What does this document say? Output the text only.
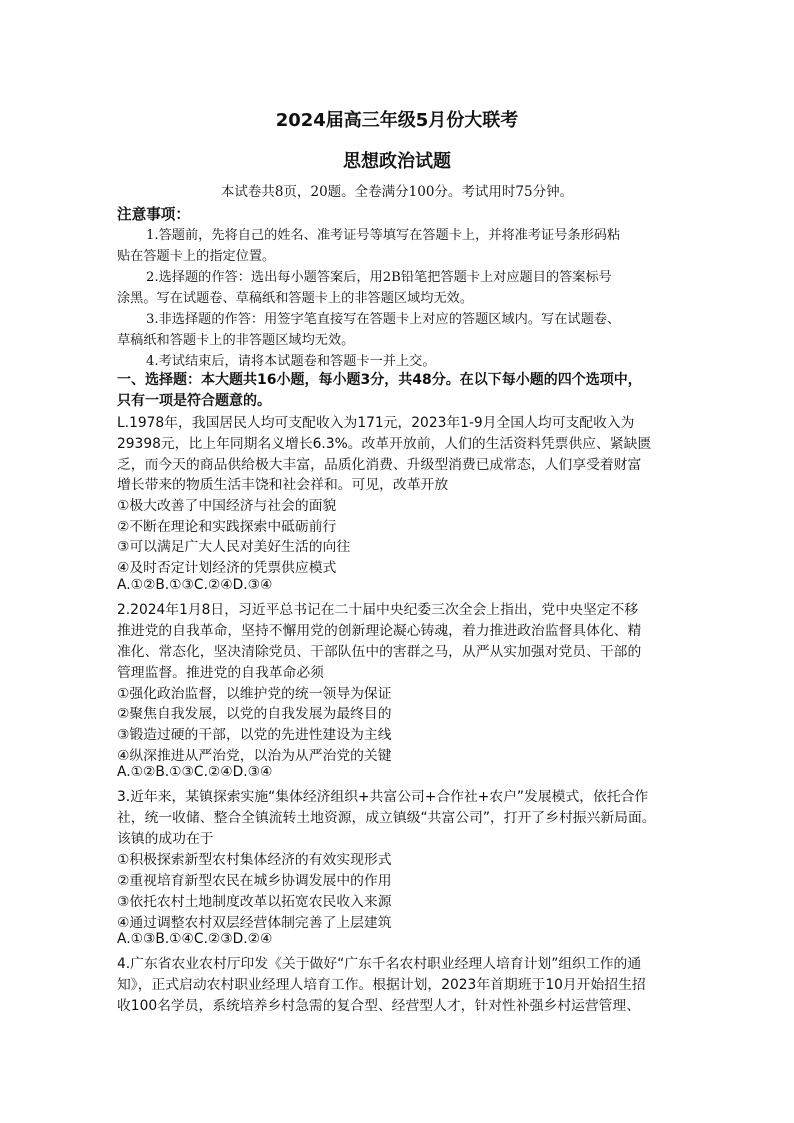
2024届高三年级5月份大联考
思想政治试题
本试卷共8页，20题。全卷满分100分。考试用时75分钟。
注意事项：
1.答题前，先将自己的姓名、准考证号等填写在答题卡上，并将准考证号条形码粘
贴在答题卡上的指定位置。
2.选择题的作答：选出每小题答案后，用2B铅笔把答题卡上对应题目的答案标号
涂黑。写在试题卷、草稿纸和答题卡上的非答题区域均无效。
3.非选择题的作答：用签字笔直接写在答题卡上对应的答题区域内。写在试题卷、
草稿纸和答题卡上的非答题区域均无效。
4.考试结束后，请将本试题卷和答题卡一并上交。
一、选择题：本大题共16小题，每小题3分，共48分。在以下每小题的四个选项中，
只有一项是符合题意的。
L.1978年，我国居民人均可支配收入为171元，2023年1-9月全国人均可支配收入为
29398元，比上年同期名义增长6.3%。改革开放前，人们的生活资料凭票供应、紧缺匮
乏，而今天的商品供给极大丰富，品质化消费、升级型消费已成常态，人们享受着财富
增长带来的物质生活丰饶和社会祥和。可见，改革开放
①极大改善了中国经济与社会的面貌
②不断在理论和实践探索中砥砺前行
③可以满足广大人民对美好生活的向往
④及时否定计划经济的凭票供应模式
A.①②B.①③C.②④D.③④
2.2024年1月8日，习近平总书记在二十届中央纪委三次全会上指出，党中央坚定不移
推进党的自我革命，坚持不懈用党的创新理论凝心铸魂，着力推进政治监督具体化、精
准化、常态化，坚决清除党员、干部队伍中的害群之马，从严从实加强对党员、干部的
管理监督。推进党的自我革命必须
①强化政治监督，以维护党的统一领导为保证
②聚焦自我发展，以党的自我发展为最终目的
③锻造过硬的干部，以党的先进性建设为主线
④纵深推进从严治党，以治为从严治党的关键
A.①②B.①③C.②④D.③④
3.近年来，某镇探索实施“集体经济组织+共富公司+合作社+农户”发展模式，依托合作
社，统一收储、整合全镇流转土地资源，成立镇级“共富公司”，打开了乡村振兴新局面。
该镇的成功在于
①积极探索新型农村集体经济的有效实现形式
②重视培育新型农民在城乡协调发展中的作用
③依托农村土地制度改革以拓宽农民收入来源
④通过调整农村双层经营体制完善了上层建筑
A.①③B.①④C.②③D.②④
4.广东省农业农村厅印发《关于做好“广东千名农村职业经理人培育计划”组织工作的通
知》，正式启动农村职业经理人培育工作。根据计划，2023年首期班于10月开始招生招
收100名学员，系统培养乡村急需的复合型、经营型人才，针对性补强乡村运营管理、
